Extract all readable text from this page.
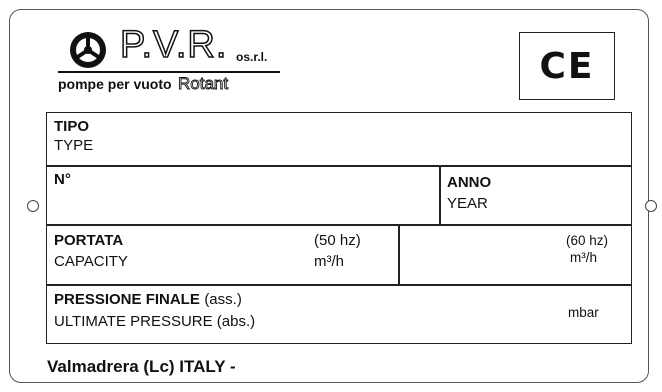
P.V.R. os.r.l.
pompe per vuoto Rotant	CE
TIPO
TYPE
N°	ANNO
YEAR
PORTATA
CAPACITY
(50 hz)
m³/h
(60 hz)
m³/h
PRESSIONE FINALE (ass.)
ULTIMATE PRESSURE (abs.)
mbar
Valmadrera (Lc) ITALY -
